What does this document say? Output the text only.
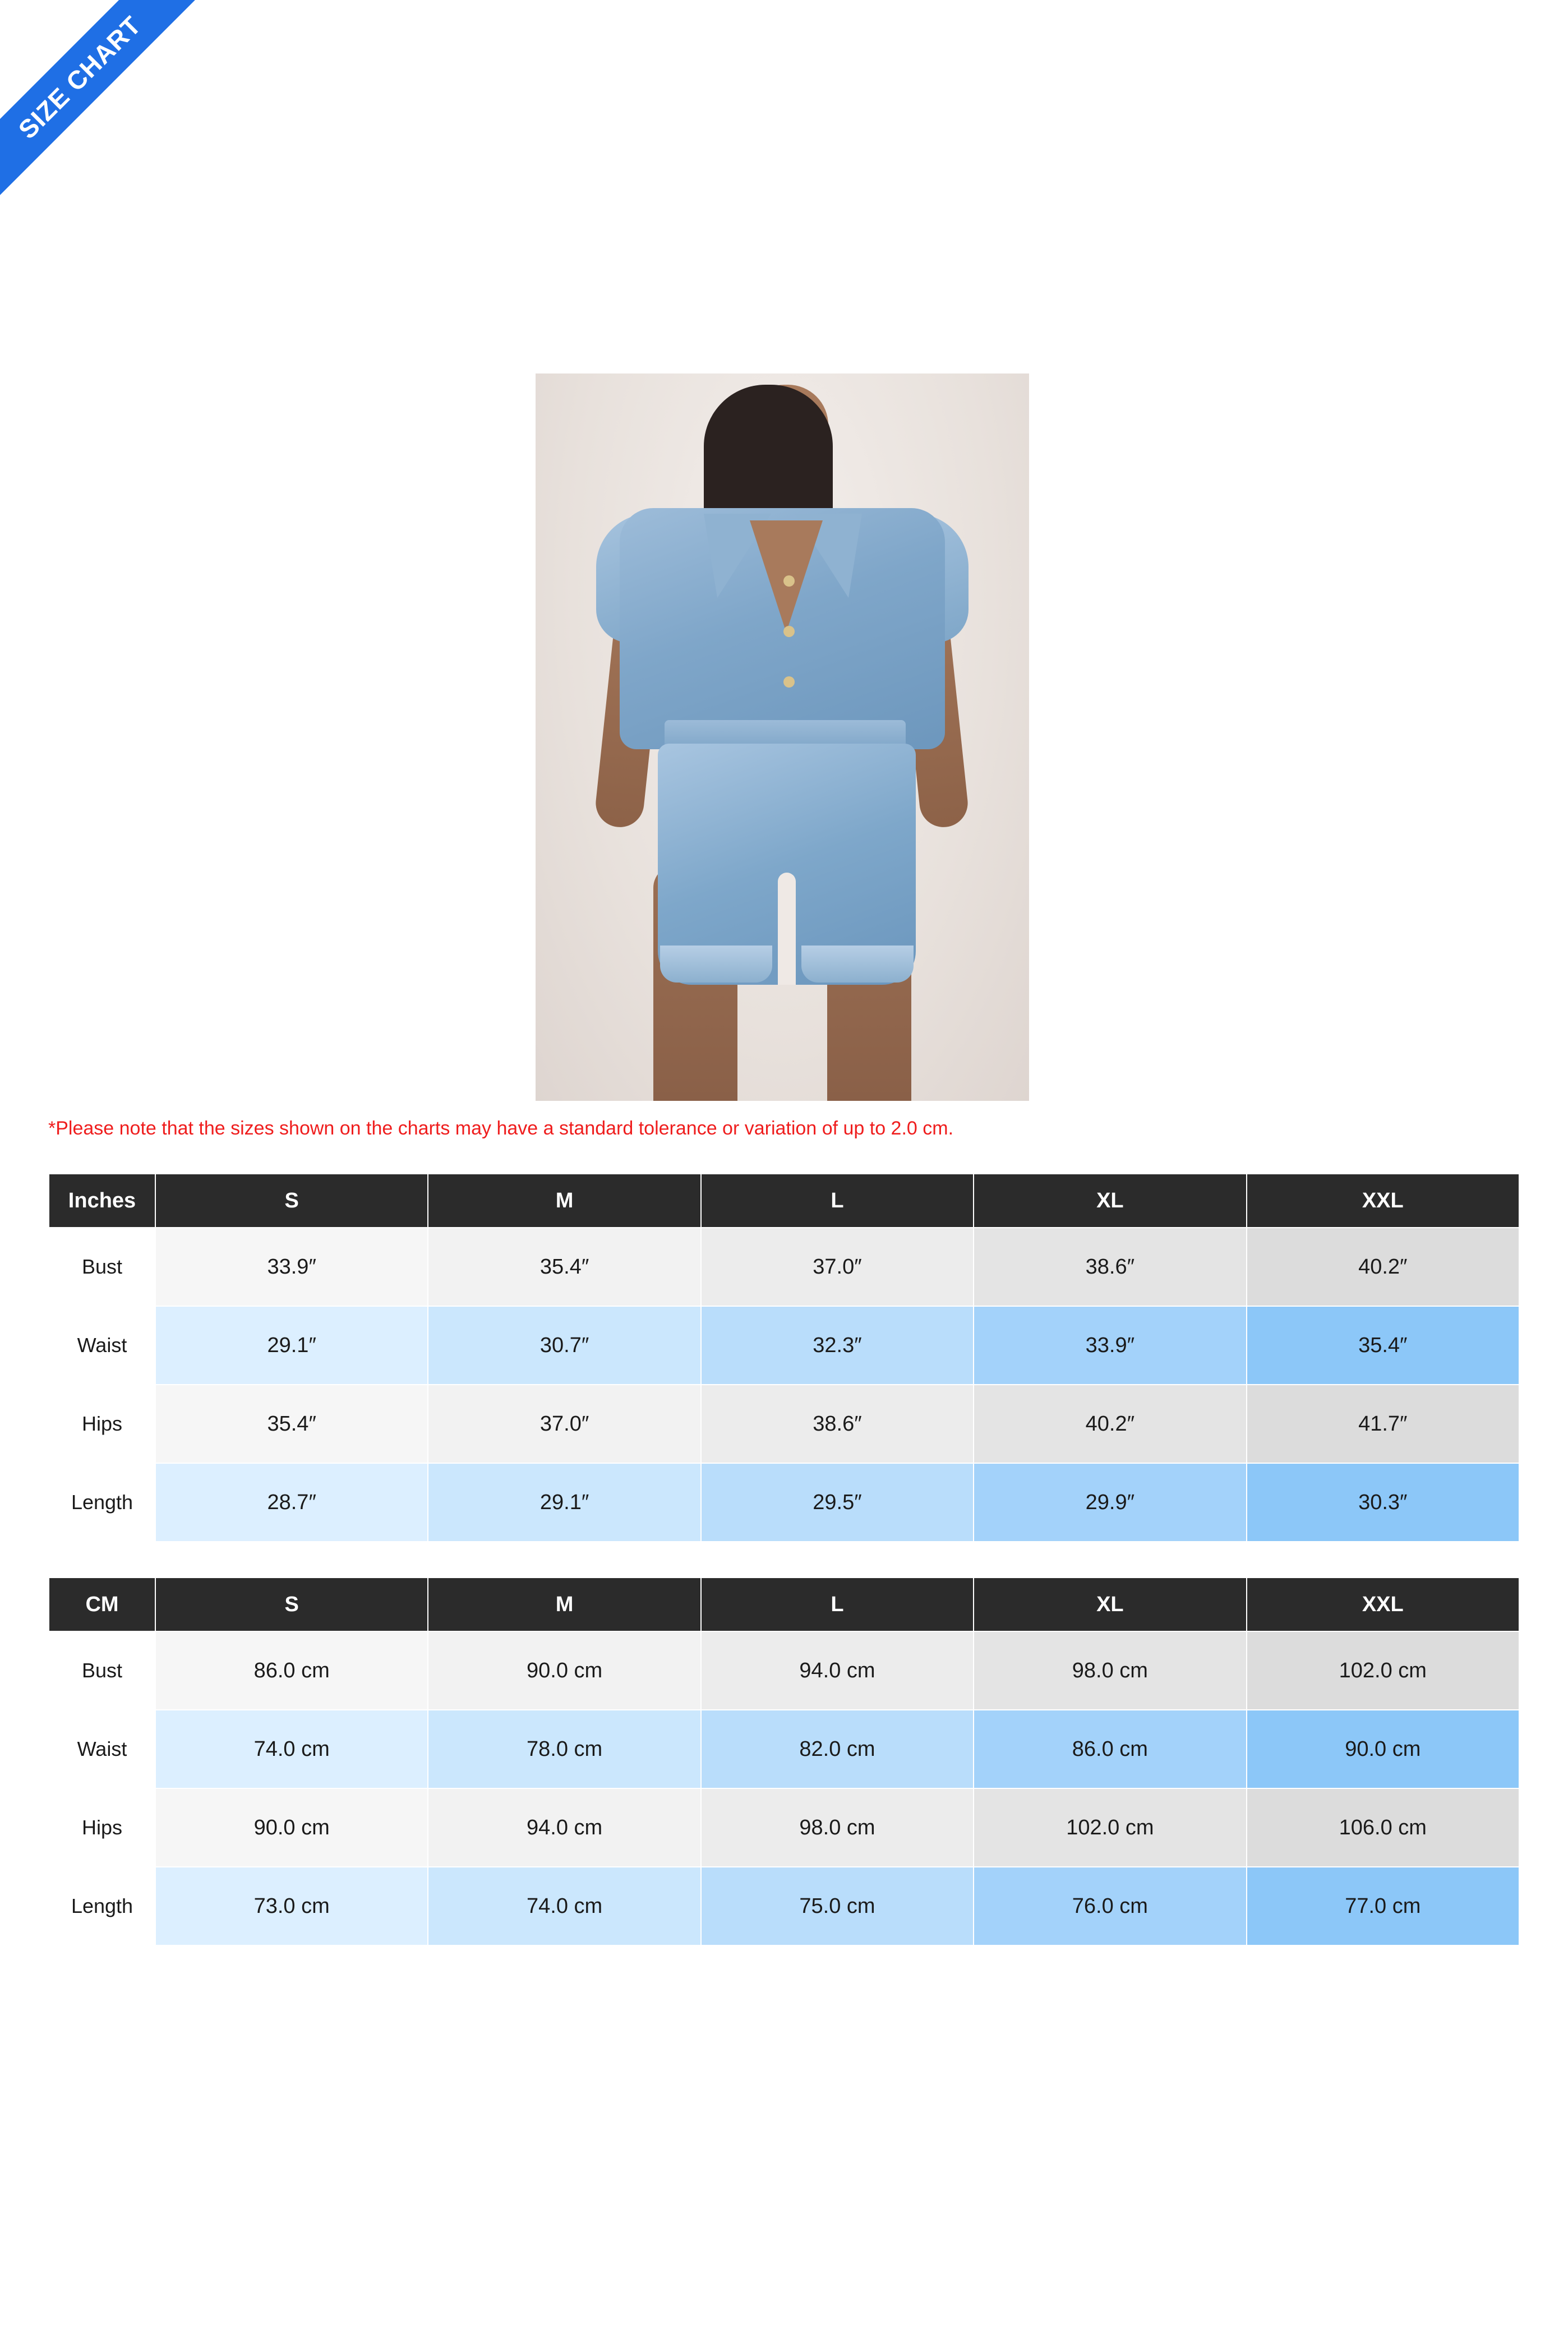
SIZE CHART
*Please note that the sizes shown on the charts may have a standard tolerance or variation of up to 2.0 cm.
Inches	S	M	L	XL	XXL
Bust	33.9″	35.4″	37.0″	38.6″	40.2″
Waist	29.1″	30.7″	32.3″	33.9″	35.4″
Hips	35.4″	37.0″	38.6″	40.2″	41.7″
Length	28.7″	29.1″	29.5″	29.9″	30.3″
CM	S	M	L	XL	XXL
Bust	86.0 cm	90.0 cm	94.0 cm	98.0 cm	102.0 cm
Waist	74.0 cm	78.0 cm	82.0 cm	86.0 cm	90.0 cm
Hips	90.0 cm	94.0 cm	98.0 cm	102.0 cm	106.0 cm
Length	73.0 cm	74.0 cm	75.0 cm	76.0 cm	77.0 cm
